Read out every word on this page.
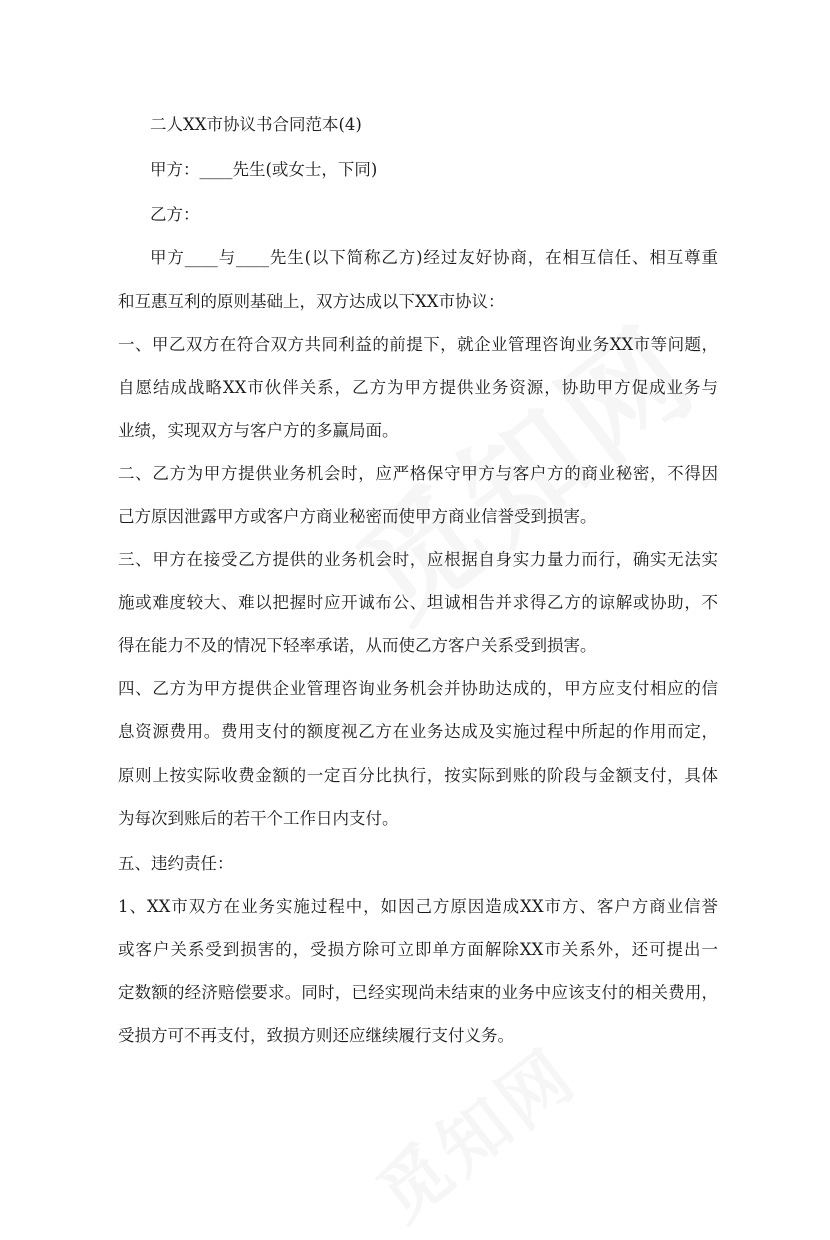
二人XX市协议书合同范本(4)
甲方：____先生(或女士，下同)
乙方：
甲方____与____先生(以下简称乙方)经过友好协商，在相互信任、相互尊重
和互惠互利的原则基础上，双方达成以下XX市协议：
一、甲乙双方在符合双方共同利益的前提下，就企业管理咨询业务XX市等问题，
自愿结成战略XX市伙伴关系，乙方为甲方提供业务资源，协助甲方促成业务与
业绩，实现双方与客户方的多赢局面。
二、乙方为甲方提供业务机会时，应严格保守甲方与客户方的商业秘密，不得因
己方原因泄露甲方或客户方商业秘密而使甲方商业信誉受到损害。
三、甲方在接受乙方提供的业务机会时，应根据自身实力量力而行，确实无法实
施或难度较大、难以把握时应开诚布公、坦诚相告并求得乙方的谅解或协助，不
得在能力不及的情况下轻率承诺，从而使乙方客户关系受到损害。
四、乙方为甲方提供企业管理咨询业务机会并协助达成的，甲方应支付相应的信
息资源费用。费用支付的额度视乙方在业务达成及实施过程中所起的作用而定，
原则上按实际收费金额的一定百分比执行，按实际到账的阶段与金额支付，具体
为每次到账后的若干个工作日内支付。
五、违约责任：
1、XX市双方在业务实施过程中，如因己方原因造成XX市方、客户方商业信誉
或客户关系受到损害的，受损方除可立即单方面解除XX市关系外，还可提出一
定数额的经济赔偿要求。同时，已经实现尚未结束的业务中应该支付的相关费用，
受损方可不再支付，致损方则还应继续履行支付义务。
